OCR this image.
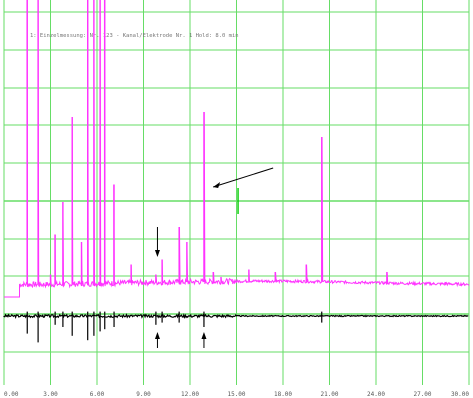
1: Einzelmessung: Nr. 123 - Kanal/Elektrode Nr. 1 Hold: 8.0 min
0.00	3.00	6.00	9.00	12.00	15.00	18.00	21.00	24.00	27.00	30.00
